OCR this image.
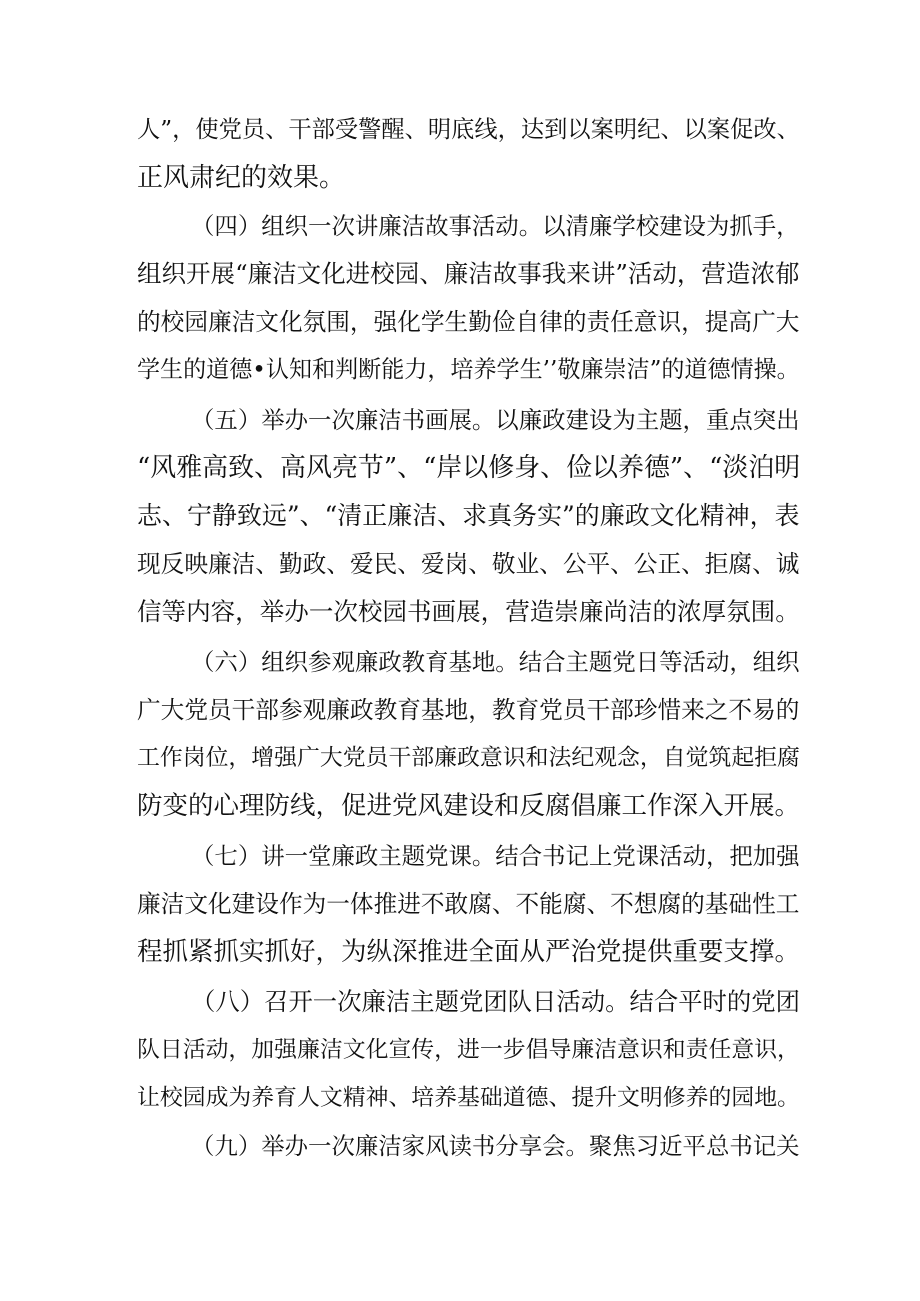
人”，使党员、干部受警醒、明底线，达到以案明纪、以案促改、
正风肃纪的效果。
（四）组织一次讲廉洁故事活动。以清廉学校建设为抓手，
组织开展“廉洁文化进校园、廉洁故事我来讲”活动，营造浓郁
的校园廉洁文化氛围，强化学生勤俭自律的责任意识，提高广大
学生的道德•认知和判断能力，培养学生’’敬廉崇洁”的道德情操。
（五）举办一次廉洁书画展。以廉政建设为主题，重点突出
“风雅高致、高风亮节”、“岸以修身、俭以养德”、“淡泊明
志、宁静致远”、“清正廉洁、求真务实”的廉政文化精神，表
现反映廉洁、勤政、爱民、爱岗、敬业、公平、公正、拒腐、诚
信等内容，举办一次校园书画展，营造崇廉尚洁的浓厚氛围。
（六）组织参观廉政教育基地。结合主题党日等活动，组织
广大党员干部参观廉政教育基地，教育党员干部珍惜来之不易的
工作岗位，增强广大党员干部廉政意识和法纪观念，自觉筑起拒腐
防变的心理防线，促进党风建设和反腐倡廉工作深入开展。
（七）讲一堂廉政主题党课。结合书记上党课活动，把加强
廉洁文化建设作为一体推进不敢腐、不能腐、不想腐的基础性工
程抓紧抓实抓好，为纵深推进全面从严治党提供重要支撑。
（八）召开一次廉洁主题党团队日活动。结合平时的党团
队日活动，加强廉洁文化宣传，进一步倡导廉洁意识和责任意识，
让校园成为养育人文精神、培养基础道德、提升文明修养的园地。
（九）举办一次廉洁家风读书分享会。聚焦习近平总书记关
